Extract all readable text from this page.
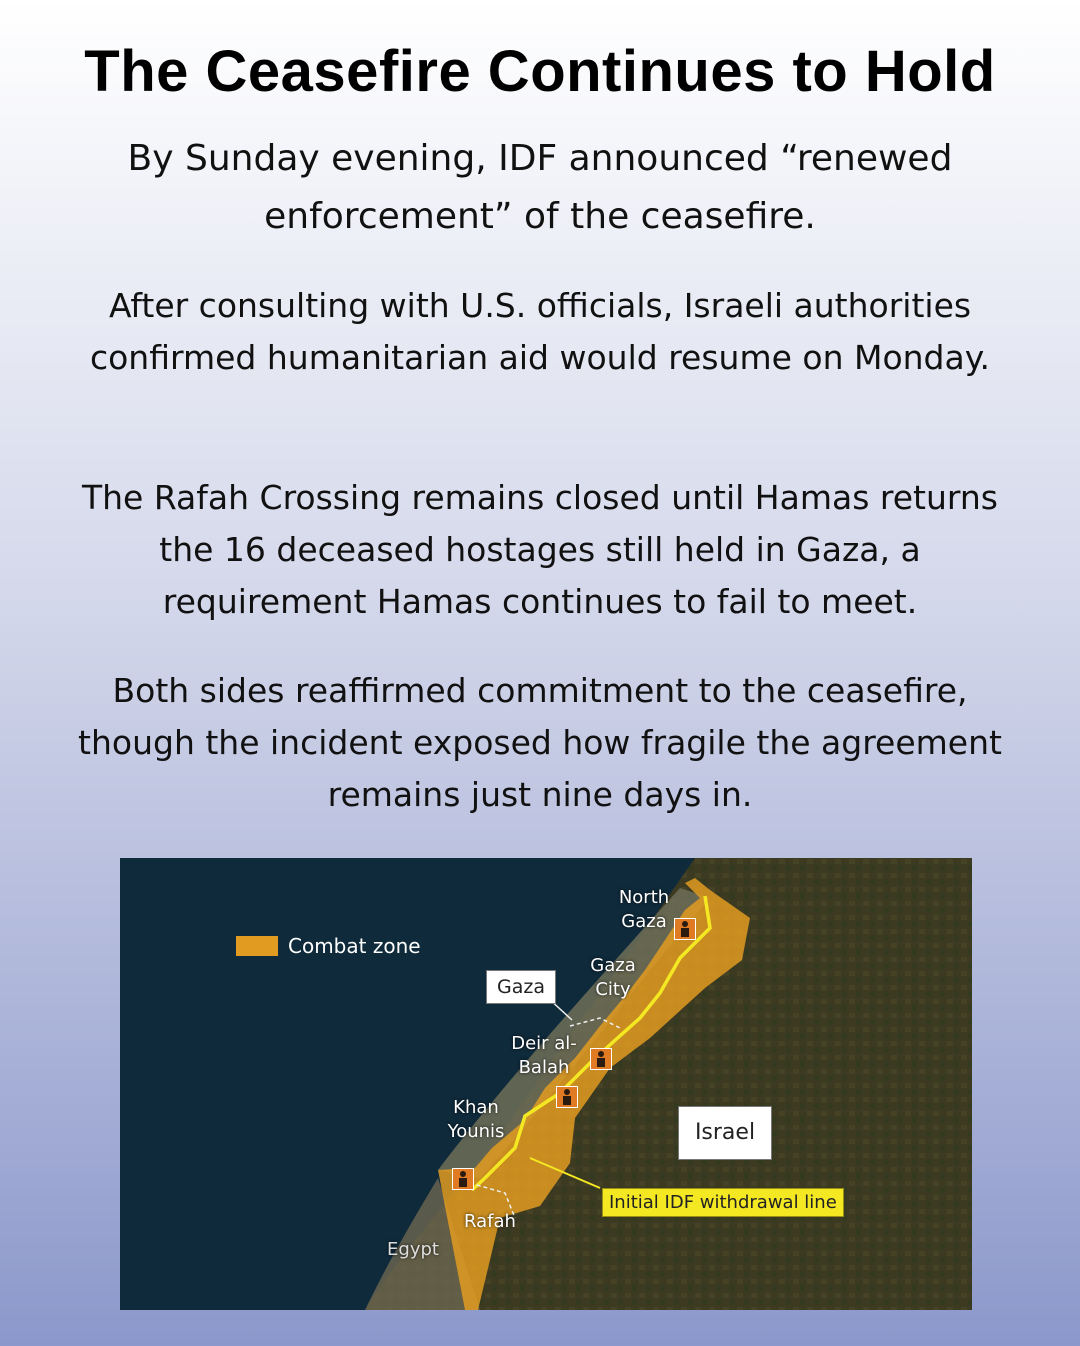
The Ceasefire Continues to Hold

By Sunday evening, IDF announced “renewed enforcement” of the ceasefire.

After consulting with U.S. officials, Israeli authorities confirmed humanitarian aid would resume on Monday.

The Rafah Crossing remains closed until Hamas returns the 16 deceased hostages still held in Gaza, a requirement Hamas continues to fail to meet.

Both sides reaffirmed commitment to the ceasefire, though the incident exposed how fragile the agreement remains just nine days in.

Combat zone
North Gaza
Gaza City
Deir al-Balah
Khan Younis
Rafah
Egypt
Gaza
Israel
Initial IDF withdrawal line
